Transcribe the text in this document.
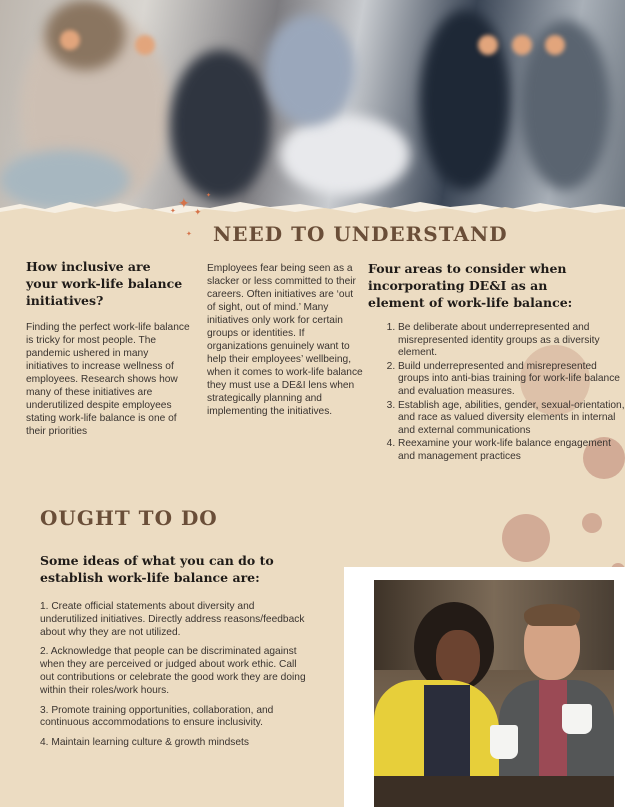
✦
✦
✦
✦
✦
NEED TO UNDERSTAND
How inclusive are your work-life balance initiatives?
Finding the perfect work-life balance is tricky for most people. The pandemic ushered in many initiatives to increase wellness of employees. Research shows how many of these initiatives are underutilized despite employees stating work-life balance is one of their priorities
Employees fear being seen as a slacker or less committed to their careers. Often initiatives are ‘out of sight, out of mind.’ Many initiatives only work for certain groups or identities. If organizations genuinely want to help their employees’ wellbeing, when it comes to work-life balance they must use a DE&I lens when strategically planning and implementing the initiatives.
Four areas to consider when incorporating DE&I as an element of work-life balance:
1. Be deliberate about underrepresented and misrepresented identity groups as a diversity element.
2. Build underrepresented and misrepresented groups into anti-bias training for work-life balance and evaluation measures.
3. Establish age, abilities, gender, sexual-orientation, and race as valued diversity elements in internal and external communications
4. Reexamine your work-life balance engagement and management practices
OUGHT TO DO
Some ideas of what you can do to establish work-life balance are:

1. Create official statements about diversity and underutilized initiatives. Directly address reasons/feedback about why they are not utilized.

2. Acknowledge that people can be discriminated against when they are perceived or judged about work ethic. Call out contributions or celebrate the good work they are doing within their roles/work hours.

3. Promote training opportunities, collaboration, and continuous accommodations to ensure inclusivity.

4. Maintain learning culture & growth mindsets
